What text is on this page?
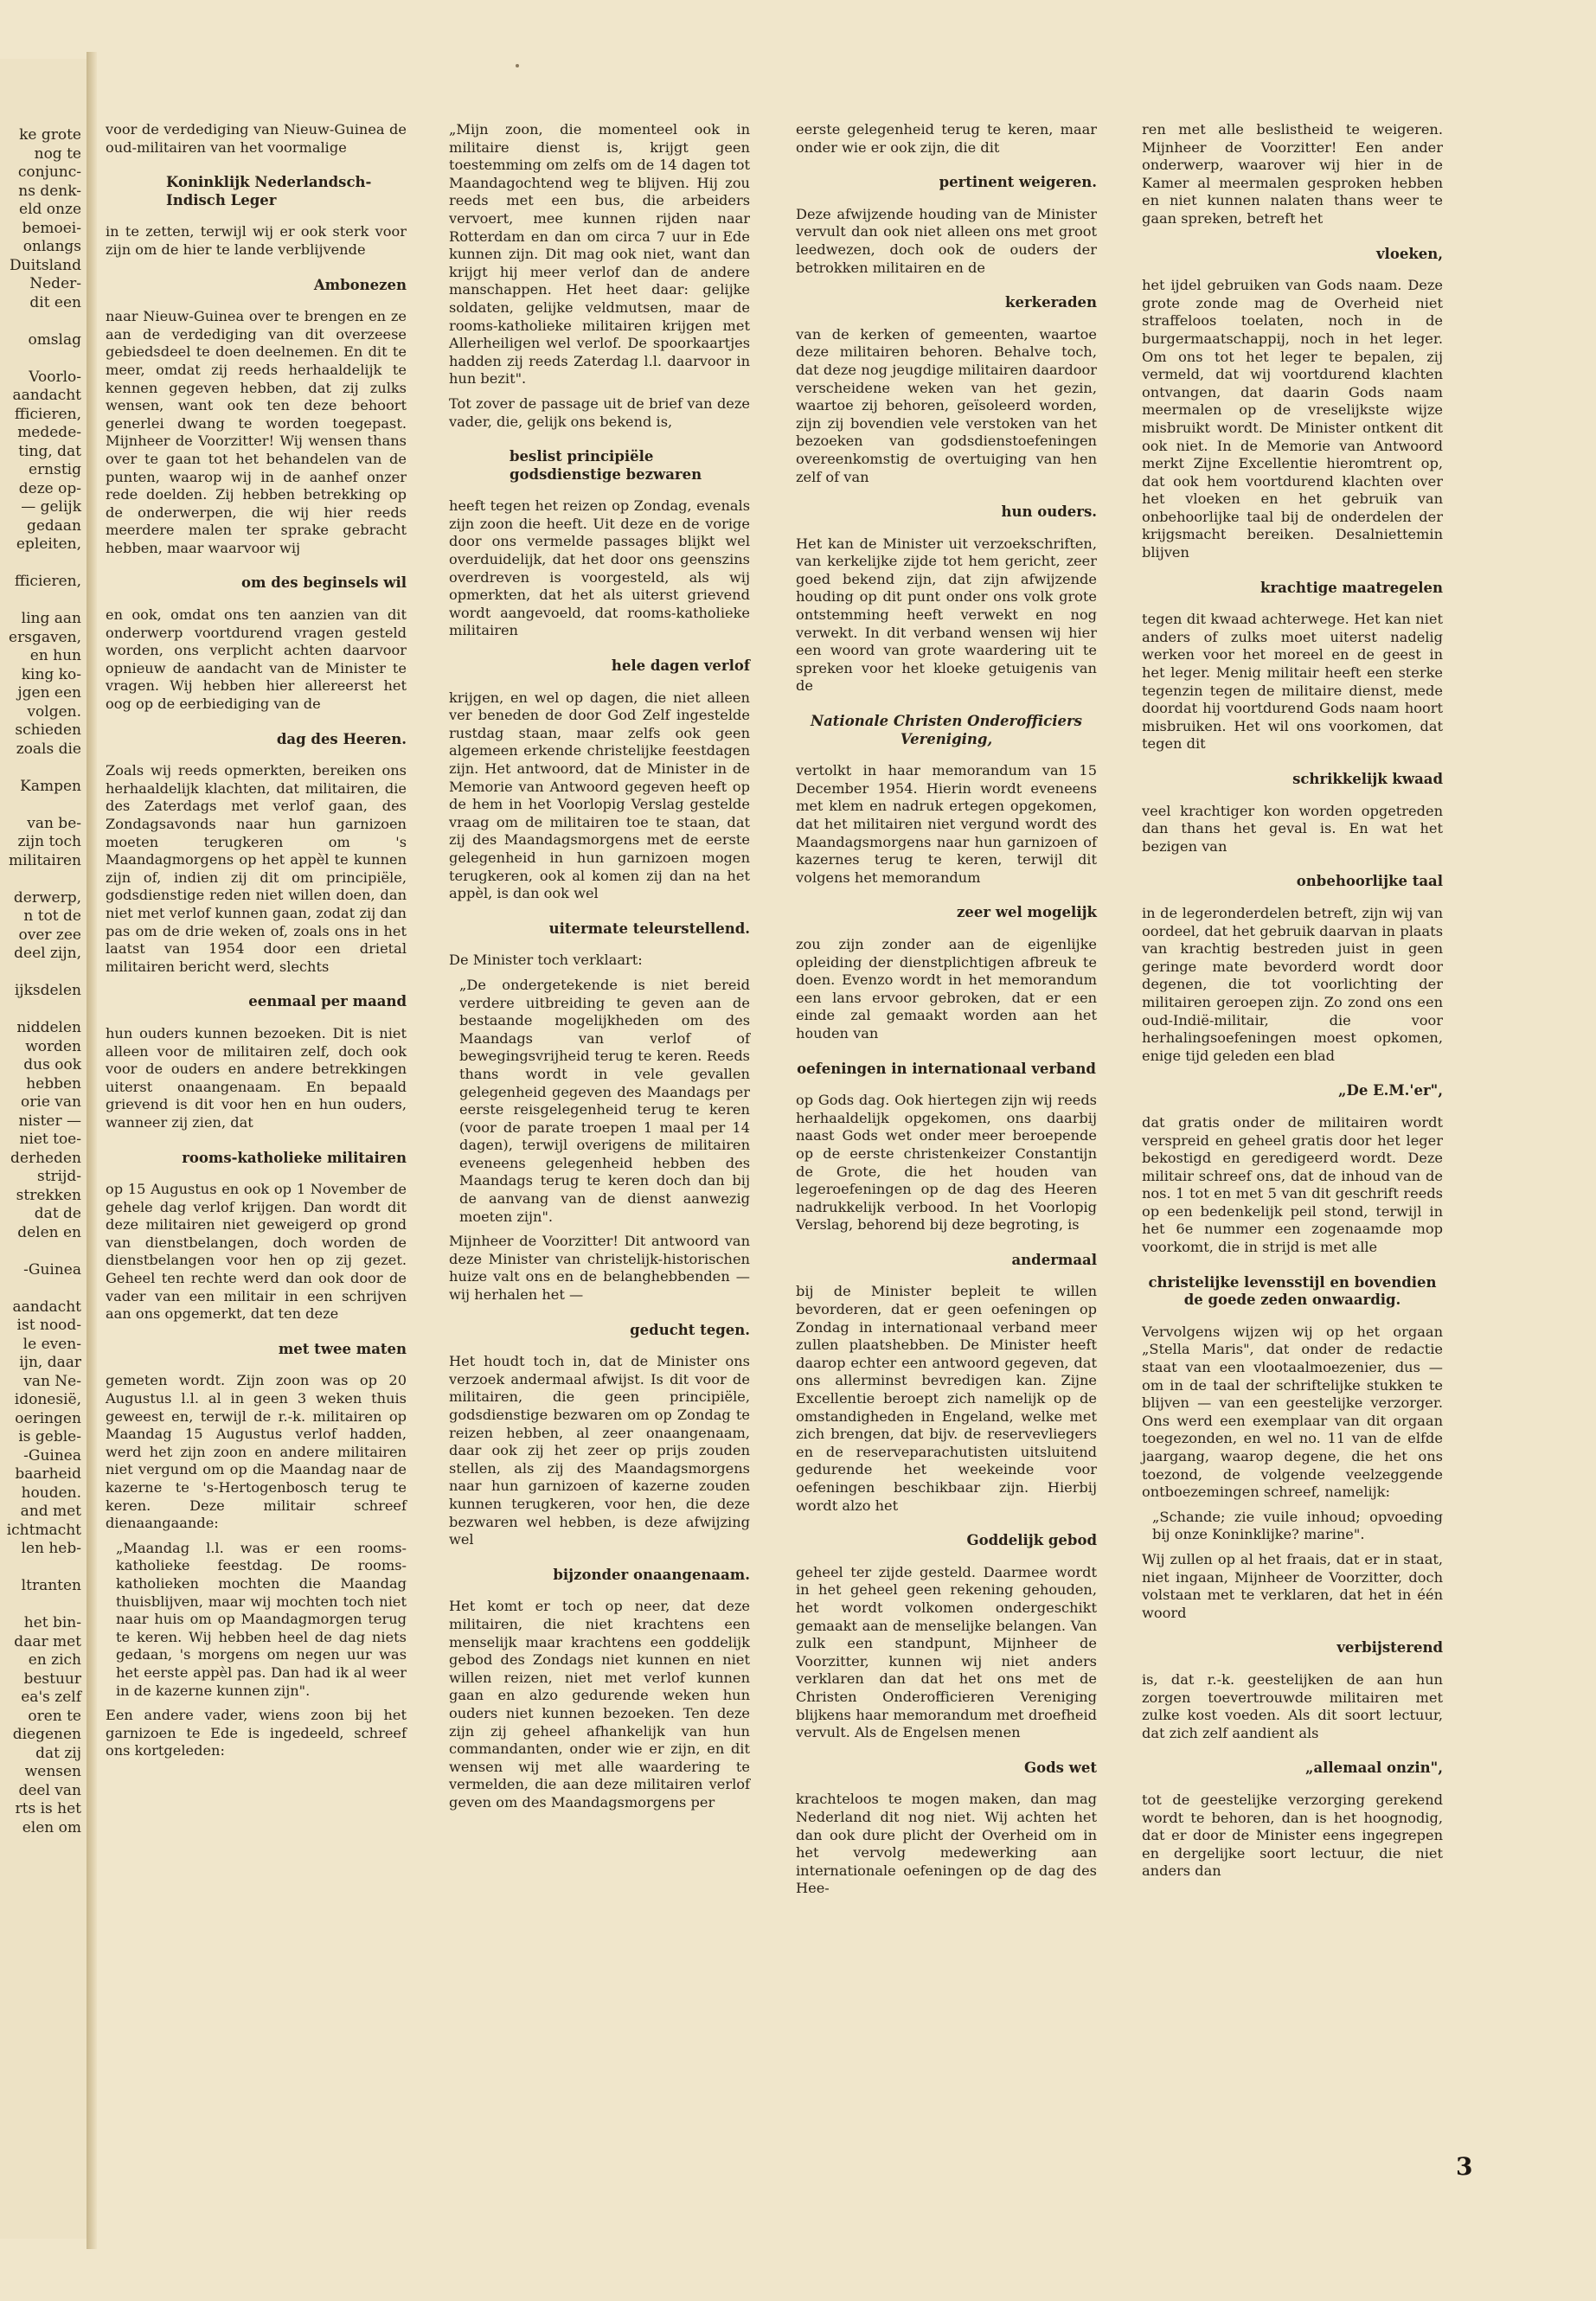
ke grote
nog te
conjunc-
ns denk-
eld onze
bemoei-
onlangs
Duitsland
Neder-
dit een
omslag
Voorlo-
aandacht
fficieren,
medede-
ting, dat
ernstig
deze op-
— gelijk
gedaan
epleiten,
fficieren,
ling aan
ersgaven,
en hun
king ko-
jgen een
volgen.
schieden
zoals die
Kampen
van be-
zijn toch
militairen
derwerp,
n tot de
over zee
deel zijn,
ijksdelen
niddelen
worden
dus ook
hebben
orie van
nister —
niet toe-
derheden
strijd-
strekken
dat de
delen en
-Guinea
aandacht
ist nood-
le even-
ijn, daar
van Ne-
idonesië,
oeringen
is geble-
-Guinea
baarheid
houden.
and met
ichtmacht
len heb-
ltranten
het bin-
daar met
en zich
bestuur
ea's zelf
oren te
diegenen
dat zij
wensen
deel van
rts is het
elen om

voor de verdediging van Nieuw-Guinea de oud-militairen van het voormalige

Koninklijk Nederlandsch-Indisch Leger

in te zetten, terwijl wij er ook sterk voor zijn om de hier te lande verblijvende

Ambonezen

naar Nieuw-Guinea over te brengen en ze aan de verdediging van dit overzeese gebiedsdeel te doen deelnemen. En dit te meer, omdat zij reeds herhaaldelijk te kennen gegeven hebben, dat zij zulks wensen, want ook ten deze behoort generlei dwang te worden toegepast. Mijnheer de Voorzitter! Wij wensen thans over te gaan tot het behandelen van de punten, waarop wij in de aanhef onzer rede doelden. Zij hebben betrekking op de onderwerpen, die wij hier reeds meerdere malen ter sprake gebracht hebben, maar waarvoor wij

om des beginsels wil

en ook, omdat ons ten aanzien van dit onderwerp voortdurend vragen gesteld worden, ons verplicht achten daarvoor opnieuw de aandacht van de Minister te vragen. Wij hebben hier allereerst het oog op de eerbiediging van de

dag des Heeren.

Zoals wij reeds opmerkten, bereiken ons herhaaldelijk klachten, dat militairen, die des Zaterdags met verlof gaan, des Zondagsavonds naar hun garnizoen moeten terugkeren om 's Maandagmorgens op het appèl te kunnen zijn of, indien zij dit om principiële, godsdienstige reden niet willen doen, dan niet met verlof kunnen gaan, zodat zij dan pas om de drie weken of, zoals ons in het laatst van 1954 door een drietal militairen bericht werd, slechts

eenmaal per maand

hun ouders kunnen bezoeken. Dit is niet alleen voor de militairen zelf, doch ook voor de ouders en andere betrekkingen uiterst onaangenaam. En bepaald grievend is dit voor hen en hun ouders, wanneer zij zien, dat

rooms-katholieke militairen

op 15 Augustus en ook op 1 November de gehele dag verlof krijgen. Dan wordt dit deze militairen niet geweigerd op grond van dienstbelangen, doch worden de dienstbelangen voor hen op zij gezet. Geheel ten rechte werd dan ook door de vader van een militair in een schrijven aan ons opgemerkt, dat ten deze

met twee maten

gemeten wordt. Zijn zoon was op 20 Augustus l.l. al in geen 3 weken thuis geweest en, terwijl de r.-k. militairen op Maandag 15 Augustus verlof hadden, werd het zijn zoon en andere militairen niet vergund om op die Maandag naar de kazerne te 's-Hertogenbosch terug te keren. Deze militair schreef dienaangaande:

„Maandag l.l. was er een rooms-katholieke feestdag. De rooms-katholieken mochten die Maandag thuisblijven, maar wij mochten toch niet naar huis om op Maandagmorgen terug te keren. Wij hebben heel de dag niets gedaan, 's morgens om negen uur was het eerste appèl pas. Dan had ik al weer in de kazerne kunnen zijn".

Een andere vader, wiens zoon bij het garnizoen te Ede is ingedeeld, schreef ons kortgeleden:

„Mijn zoon, die momenteel ook in militaire dienst is, krijgt geen toestemming om zelfs om de 14 dagen tot Maandagochtend weg te blijven. Hij zou reeds met een bus, die arbeiders vervoert, mee kunnen rijden naar Rotterdam en dan om circa 7 uur in Ede kunnen zijn. Dit mag ook niet, want dan krijgt hij meer verlof dan de andere manschappen. Het heet daar: gelijke soldaten, gelijke veldmutsen, maar de rooms-katholieke militairen krijgen met Allerheiligen wel verlof. De spoorkaartjes hadden zij reeds Zaterdag l.l. daarvoor in hun bezit".

Tot zover de passage uit de brief van deze vader, die, gelijk ons bekend is,

beslist principiële godsdienstige bezwaren

heeft tegen het reizen op Zondag, evenals zijn zoon die heeft. Uit deze en de vorige door ons vermelde passages blijkt wel overduidelijk, dat het door ons geenszins overdreven is voorgesteld, als wij opmerkten, dat het als uiterst grievend wordt aangevoeld, dat rooms-katholieke militairen

hele dagen verlof

krijgen, en wel op dagen, die niet alleen ver beneden de door God Zelf ingestelde rustdag staan, maar zelfs ook geen algemeen erkende christelijke feestdagen zijn. Het antwoord, dat de Minister in de Memorie van Antwoord gegeven heeft op de hem in het Voorlopig Verslag gestelde vraag om de militairen toe te staan, dat zij des Maandagsmorgens met de eerste gelegenheid in hun garnizoen mogen terugkeren, ook al komen zij dan na het appèl, is dan ook wel

uitermate teleurstellend.

De Minister toch verklaart:

„De ondergetekende is niet bereid verdere uitbreiding te geven aan de bestaande mogelijkheden om des Maandags van verlof of bewegingsvrijheid terug te keren. Reeds thans wordt in vele gevallen gelegenheid gegeven des Maandags per eerste reisgelegenheid terug te keren (voor de parate troepen 1 maal per 14 dagen), terwijl overigens de militairen eveneens gelegenheid hebben des Maandags terug te keren doch dan bij de aanvang van de dienst aanwezig moeten zijn".

Mijnheer de Voorzitter! Dit antwoord van deze Minister van christelijk-historischen huize valt ons en de belanghebbenden — wij herhalen het —

geducht tegen.

Het houdt toch in, dat de Minister ons verzoek andermaal afwijst. Is dit voor de militairen, die geen principiële, godsdienstige bezwaren om op Zondag te reizen hebben, al zeer onaangenaam, daar ook zij het zeer op prijs zouden stellen, als zij des Maandagsmorgens naar hun garnizoen of kazerne zouden kunnen terugkeren, voor hen, die deze bezwaren wel hebben, is deze afwijzing wel

bijzonder onaangenaam.

Het komt er toch op neer, dat deze militairen, die niet krachtens een menselijk maar krachtens een goddelijk gebod des Zondags niet kunnen en niet willen reizen, niet met verlof kunnen gaan en alzo gedurende weken hun ouders niet kunnen bezoeken. Ten deze zijn zij geheel afhankelijk van hun commandanten, onder wie er zijn, en dit wensen wij met alle waardering te vermelden, die aan deze militairen verlof geven om des Maandagsmorgens per

eerste gelegenheid terug te keren, maar onder wie er ook zijn, die dit

pertinent weigeren.

Deze afwijzende houding van de Minister vervult dan ook niet alleen ons met groot leedwezen, doch ook de ouders der betrokken militairen en de

kerkeraden

van de kerken of gemeenten, waartoe deze militairen behoren. Behalve toch, dat deze nog jeugdige militairen daardoor verscheidene weken van het gezin, waartoe zij behoren, geïsoleerd worden, zijn zij bovendien vele verstoken van het bezoeken van godsdienstoefeningen overeenkomstig de overtuiging van hen zelf of van

hun ouders.

Het kan de Minister uit verzoekschriften, van kerkelijke zijde tot hem gericht, zeer goed bekend zijn, dat zijn afwijzende houding op dit punt onder ons volk grote ontstemming heeft verwekt en nog verwekt. In dit verband wensen wij hier een woord van grote waardering uit te spreken voor het kloeke getuigenis van de

Nationale Christen Onderofficiers Vereniging,

vertolkt in haar memorandum van 15 December 1954. Hierin wordt eveneens met klem en nadruk ertegen opgekomen, dat het militairen niet vergund wordt des Maandagsmorgens naar hun garnizoen of kazernes terug te keren, terwijl dit volgens het memorandum

zeer wel mogelijk

zou zijn zonder aan de eigenlijke opleiding der dienstplichtigen afbreuk te doen. Evenzo wordt in het memorandum een lans ervoor gebroken, dat er een einde zal gemaakt worden aan het houden van

oefeningen in internationaal verband

op Gods dag. Ook hiertegen zijn wij reeds herhaaldelijk opgekomen, ons daarbij naast Gods wet onder meer beroepende op de eerste christenkeizer Constantijn de Grote, die het houden van legeroefeningen op de dag des Heeren nadrukkelijk verbood. In het Voorlopig Verslag, behorend bij deze begroting, is

andermaal

bij de Minister bepleit te willen bevorderen, dat er geen oefeningen op Zondag in internationaal verband meer zullen plaatshebben. De Minister heeft daarop echter een antwoord gegeven, dat ons allerminst bevredigen kan. Zijne Excellentie beroept zich namelijk op de omstandigheden in Engeland, welke met zich brengen, dat bijv. de reservevliegers en de reserveparachutisten uitsluitend gedurende het weekeinde voor oefeningen beschikbaar zijn. Hierbij wordt alzo het

Goddelijk gebod

geheel ter zijde gesteld. Daarmee wordt in het geheel geen rekening gehouden, het wordt volkomen ondergeschikt gemaakt aan de menselijke belangen. Van zulk een standpunt, Mijnheer de Voorzitter, kunnen wij niet anders verklaren dan dat het ons met de Christen Onderofficieren Vereniging blijkens haar memorandum met droefheid vervult. Als de Engelsen menen

Gods wet

krachteloos te mogen maken, dan mag Nederland dit nog niet. Wij achten het dan ook dure plicht der Overheid om in het vervolg medewerking aan internationale oefeningen op de dag des Hee-

ren met alle beslistheid te weigeren. Mijnheer de Voorzitter! Een ander onderwerp, waarover wij hier in de Kamer al meermalen gesproken hebben en niet kunnen nalaten thans weer te gaan spreken, betreft het

vloeken,

het ijdel gebruiken van Gods naam. Deze grote zonde mag de Overheid niet straffeloos toelaten, noch in de burgermaatschappij, noch in het leger. Om ons tot het leger te bepalen, zij vermeld, dat wij voortdurend klachten ontvangen, dat daarin Gods naam meermalen op de vreselijkste wijze misbruikt wordt. De Minister ontkent dit ook niet. In de Memorie van Antwoord merkt Zijne Excellentie hieromtrent op, dat ook hem voortdurend klachten over het vloeken en het gebruik van onbehoorlijke taal bij de onderdelen der krijgsmacht bereiken. Desalniettemin blijven

krachtige maatregelen

tegen dit kwaad achterwege. Het kan niet anders of zulks moet uiterst nadelig werken voor het moreel en de geest in het leger. Menig militair heeft een sterke tegenzin tegen de militaire dienst, mede doordat hij voortdurend Gods naam hoort misbruiken. Het wil ons voorkomen, dat tegen dit

schrikkelijk kwaad

veel krachtiger kon worden opgetreden dan thans het geval is. En wat het bezigen van

onbehoorlijke taal

in de legeronderdelen betreft, zijn wij van oordeel, dat het gebruik daarvan in plaats van krachtig bestreden juist in geen geringe mate bevorderd wordt door degenen, die tot voorlichting der militairen geroepen zijn. Zo zond ons een oud-Indië-militair, die voor herhalingsoefeningen moest opkomen, enige tijd geleden een blad

„De E.M.'er",

dat gratis onder de militairen wordt verspreid en geheel gratis door het leger bekostigd en geredigeerd wordt. Deze militair schreef ons, dat de inhoud van de nos. 1 tot en met 5 van dit geschrift reeds op een bedenkelijk peil stond, terwijl in het 6e nummer een zogenaamde mop voorkomt, die in strijd is met alle

christelijke levensstijl en bovendien de goede zeden onwaardig.

Vervolgens wijzen wij op het orgaan „Stella Maris", dat onder de redactie staat van een vlootaalmoezenier, dus — om in de taal der schriftelijke stukken te blijven — van een geestelijke verzorger. Ons werd een exemplaar van dit orgaan toegezonden, en wel no. 11 van de elfde jaargang, waarop degene, die het ons toezond, de volgende veelzeggende ontboezemingen schreef, namelijk:

„Schande; zie vuile inhoud; opvoeding bij onze Koninklijke? marine".

Wij zullen op al het fraais, dat er in staat, niet ingaan, Mijnheer de Voorzitter, doch volstaan met te verklaren, dat het in één woord

verbijsterend

is, dat r.-k. geestelijken de aan hun zorgen toevertrouwde militairen met zulke kost voeden. Als dit soort lectuur, dat zich zelf aandient als

„allemaal onzin",

tot de geestelijke verzorging gerekend wordt te behoren, dan is het hoognodig, dat er door de Minister eens ingegrepen en dergelijke soort lectuur, die niet anders dan

3
